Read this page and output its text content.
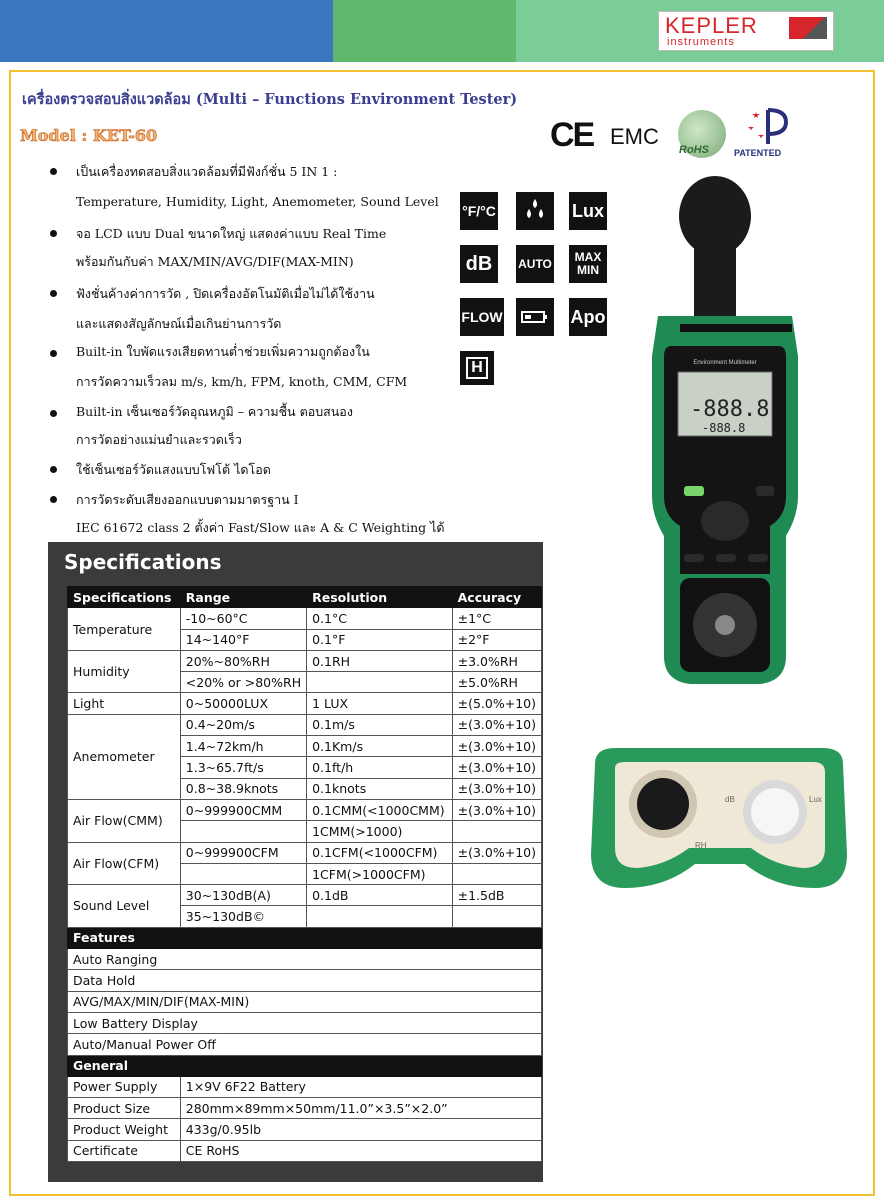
KEPLER
instruments
เครื่องตรวจสอบสิ่งแวดล้อม (Multi – Functions Environment Tester)
Model : KET-60	CE EMC
RoHS	PATENTED
เป็นเครื่องทดสอบสิ่งแวดล้อมที่มีฟังก์ชั่น 5 IN 1 :
Temperature, Humidity, Light, Anemometer, Sound Level
จอ LCD แบบ Dual ขนาดใหญ่ แสดงค่าแบบ Real Time
พร้อมกันกับค่า MAX/MIN/AVG/DIF(MAX-MIN)
ฟังชั่นค้างค่าการวัด , ปิดเครื่องอัตโนมัติเมื่อไม่ได้ใช้งาน
และแสดงสัญลักษณ์เมื่อเกินย่านการวัด
Built-in ใบพัดแรงเสียดทานต่ำช่วยเพิ่มความถูกต้องใน
การวัดความเร็วลม m/s, km/h, FPM, knoth, CMM, CFM
Built-in เซ็นเซอร์วัดอุณหภูมิ – ความชื้น ตอบสนอง
การวัดอย่างแม่นยำและรวดเร็ว
ใช้เซ็นเซอร์วัดแสงแบบโฟโต้ ไดโอด
การวัดระดับเสียงออกแบบตามมาตรฐาน I
IEC 61672 class 2 ตั้งค่า Fast/Slow และ A & C Weighting ได้
°F/°C	Lux
dB	AUTO MAX
MIN
FLOW	Apo
H
Specifications
Specifications	Range	Resolution	Accuracy
Temperature	-10~60°C	0.1°C	±1°C
	14~140°F	0.1°F	±2°F
Humidity	20%~80%RH	0.1RH	±3.0%RH
	<20% or >80%RH		±5.0%RH
Light	0~50000LUX	1 LUX	±(5.0%+10)
Anemometer	0.4~20m/s	0.1m/s	±(3.0%+10)
	1.4~72km/h	0.1Km/s	±(3.0%+10)
	1.3~65.7ft/s	0.1ft/h	±(3.0%+10)
	0.8~38.9knots	0.1knots	±(3.0%+10)
Air Flow(CMM)	0~999900CMM	0.1CMM(<1000CMM)	±(3.0%+10)
		1CMM(>1000)	
Air Flow(CFM)	0~999900CFM	0.1CFM(<1000CFM)	±(3.0%+10)
		1CFM(>1000CFM)	
Sound Level	30~130dB(A)	0.1dB	±1.5dB
	35~130dB©		
Features			
Auto Ranging			
Data Hold			
AVG/MAX/MIN/DIF(MAX-MIN)			
Low Battery Display			
Auto/Manual Power Off			
General			
Power Supply	1×9V 6F22 Battery		
Product Size	280mm×89mm×50mm/11.0”×3.5”×2.0”		
Product Weight	433g/0.95lb		
Certificate	CE RoHS		
Environment Multimeter
-888.8
-888.8
RH
dB	Lux
